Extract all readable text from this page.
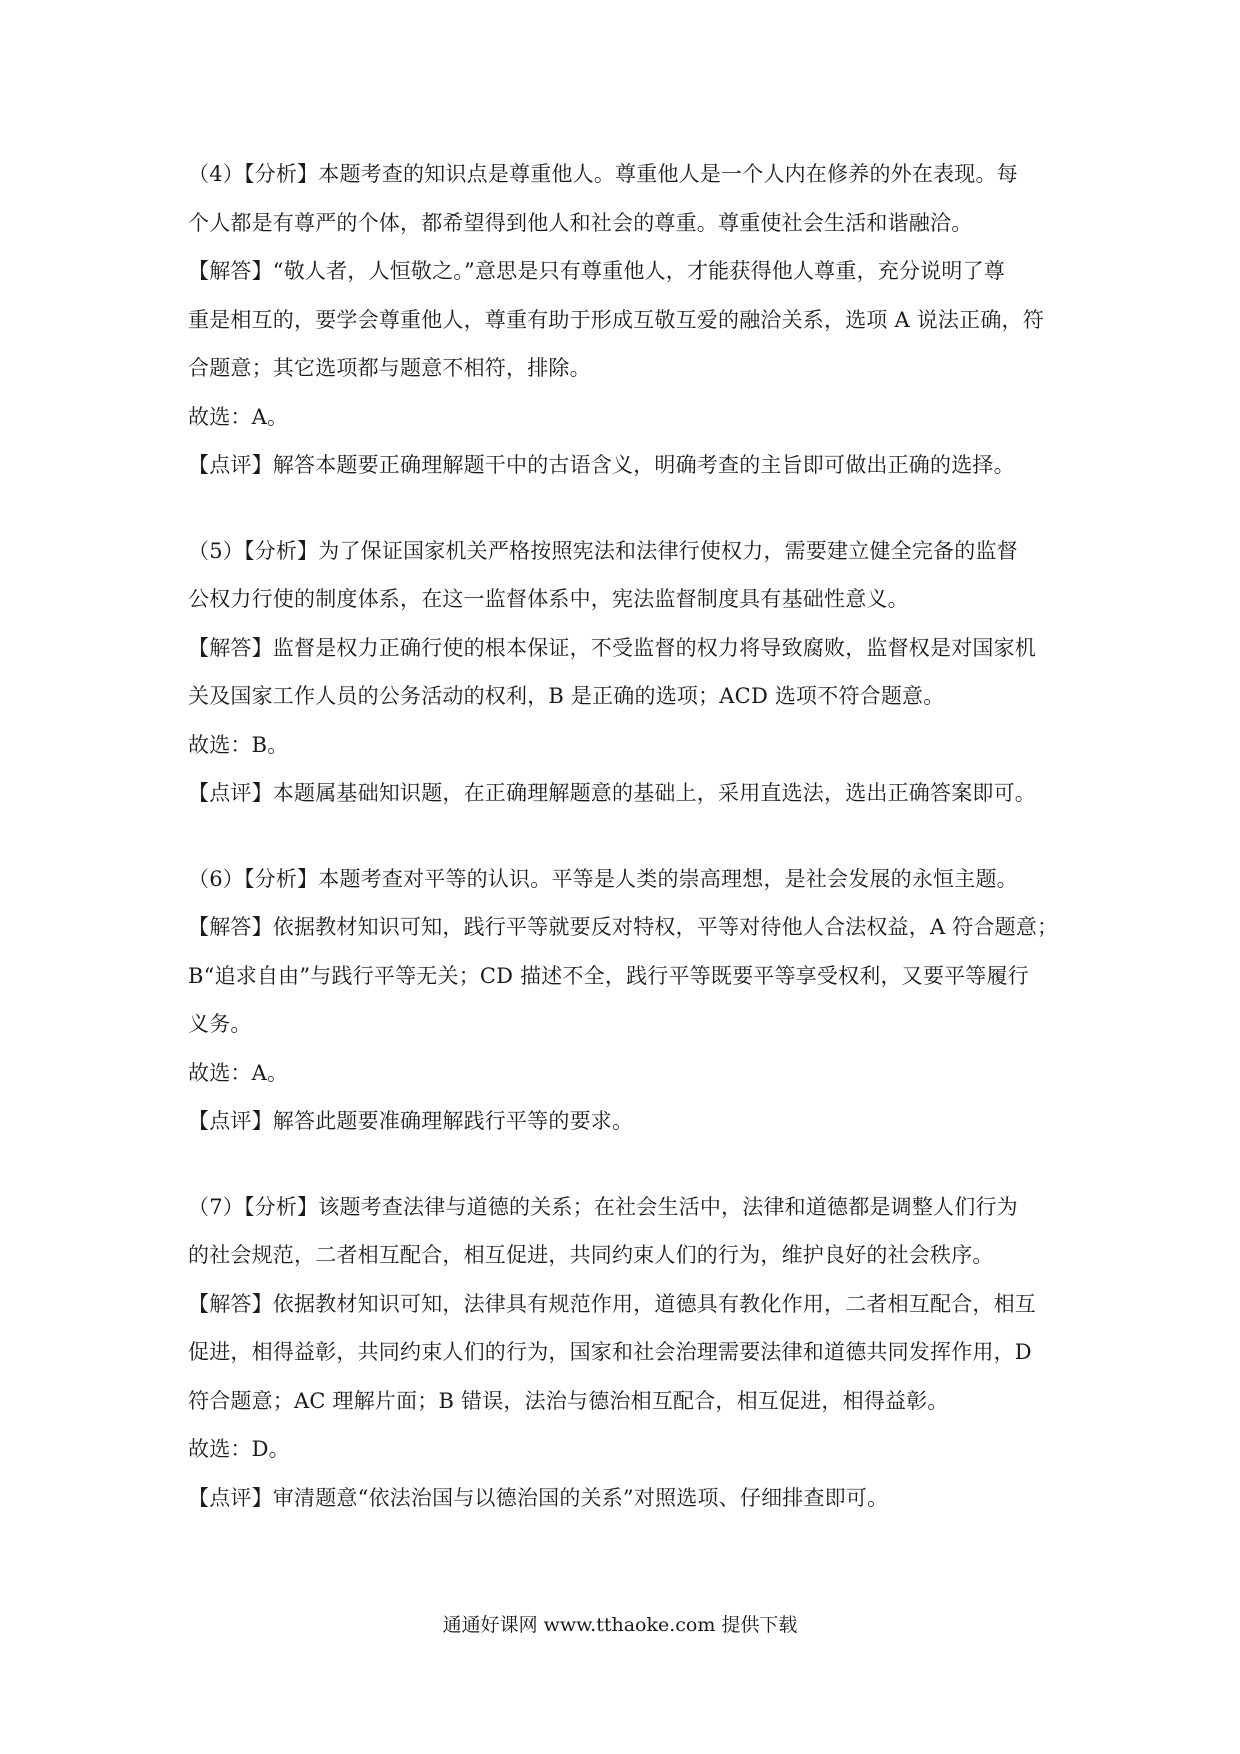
（4）【分析】本题考查的知识点是尊重他人。尊重他人是一个人内在修养的外在表现。每
个人都是有尊严的个体，都希望得到他人和社会的尊重。尊重使社会生活和谐融洽。
【解答】“敬人者，人恒敬之。”意思是只有尊重他人，才能获得他人尊重，充分说明了尊
重是相互的，要学会尊重他人，尊重有助于形成互敬互爱的融洽关系，选项 A 说法正确，符
合题意；其它选项都与题意不相符，排除。
故选：A。
【点评】解答本题要正确理解题干中的古语含义，明确考查的主旨即可做出正确的选择。
（5）【分析】为了保证国家机关严格按照宪法和法律行使权力，需要建立健全完备的监督
公权力行使的制度体系，在这一监督体系中，宪法监督制度具有基础性意义。
【解答】监督是权力正确行使的根本保证，不受监督的权力将导致腐败，监督权是对国家机
关及国家工作人员的公务活动的权利，B 是正确的选项；ACD 选项不符合题意。
故选：B。
【点评】本题属基础知识题，在正确理解题意的基础上，采用直选法，选出正确答案即可。
（6）【分析】本题考查对平等的认识。平等是人类的崇高理想，是社会发展的永恒主题。
【解答】依据教材知识可知，践行平等就要反对特权，平等对待他人合法权益，A 符合题意；
B“追求自由”与践行平等无关；CD 描述不全，践行平等既要平等享受权利，又要平等履行
义务。
故选：A。
【点评】解答此题要准确理解践行平等的要求。
（7）【分析】该题考查法律与道德的关系；在社会生活中，法律和道德都是调整人们行为
的社会规范，二者相互配合，相互促进，共同约束人们的行为，维护良好的社会秩序。
【解答】依据教材知识可知，法律具有规范作用，道德具有教化作用，二者相互配合，相互
促进，相得益彰，共同约束人们的行为，国家和社会治理需要法律和道德共同发挥作用，D
符合题意；AC 理解片面；B 错误，法治与德治相互配合，相互促进，相得益彰。
故选：D。
【点评】审清题意“依法治国与以德治国的关系”对照选项、仔细排查即可。
通通好课网 www.tthaoke.com 提供下载
